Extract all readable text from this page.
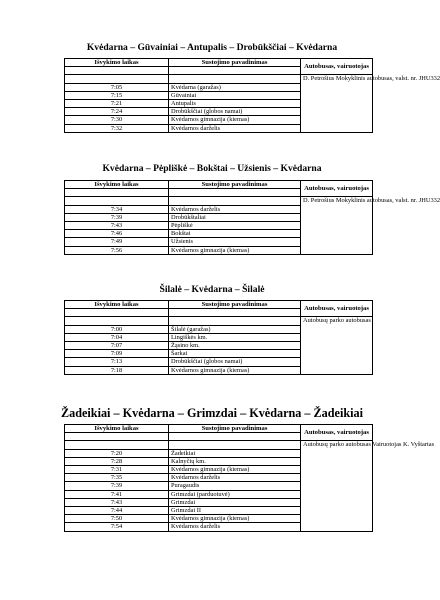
Kvėdarna – Gūvainiai – Antupalis – Drobūkščiai – Kvėdarna
Išvykimo laikas	Sustojimo pavadinimas	Autobusas, vairuotojas

		D. Petrošius Mokyklinis autobusas, valst. nr. JHU332
7:05	Kvėdarna (garažas)	
7:15	Gūvainiai	
7:21	Antupalis	
7:24	Drobūkščiai (globos namai)	
7:30	Kvėdarnos gimnazija (kiemas)	
7:32	Kvėdarnos darželis	
Kvėdarna – Pėpliškė – Bokštai – Užsienis – Kvėdarna
Išvykimo laikas	Sustojimo pavadinimas	Autobusas, vairuotojas

		D. Petrošius Mokyklinis autobusas, valst. nr. JHU332
7:34	Kvėdarnos darželis	
7:39	Drobūkštaliai	
7:43	Pėpliškė	
7:46	Bokštai	
7:49	Užsienis	
7:56	Kvėdarnos gimnazija (kiemas)	
Šilalė – Kvėdarna – Šilalė
Išvykimo laikas	Sustojimo pavadinimas	Autobusas, vairuotojas

		Autobusų parko autobusas
7:00	Šilalė (garažas)	
7:04	Lingiškės km.	
7:07	Žąsino km.	
7:09	Šarkai	
7:13	Drobūkščiai (globos namai)	
7:18	Kvėdarnos gimnazija (kiemas)	
Žadeikiai – Kvėdarna – Grimzdai – Kvėdarna – Žadeikiai
Išvykimo laikas	Sustojimo pavadinimas	Autobusas, vairuotojas

		Autobusų parko autobusas Vairuotojas K. Vyštartas
7:20	Žadeikiai	
7:28	Kalnyčių km.	
7:31	Kvėdarnos gimnazija (kiemas)	
7:35	Kvėdarnos darželis	
7:39	Puragaudis	
7:41	Grimzdai (parduotuvė)	
7:43	Grimzdai	
7:44	Grimzdai II	
7:50	Kvėdarnos gimnazija (kiemas)	
7:54	Kvėdarnos darželis	
